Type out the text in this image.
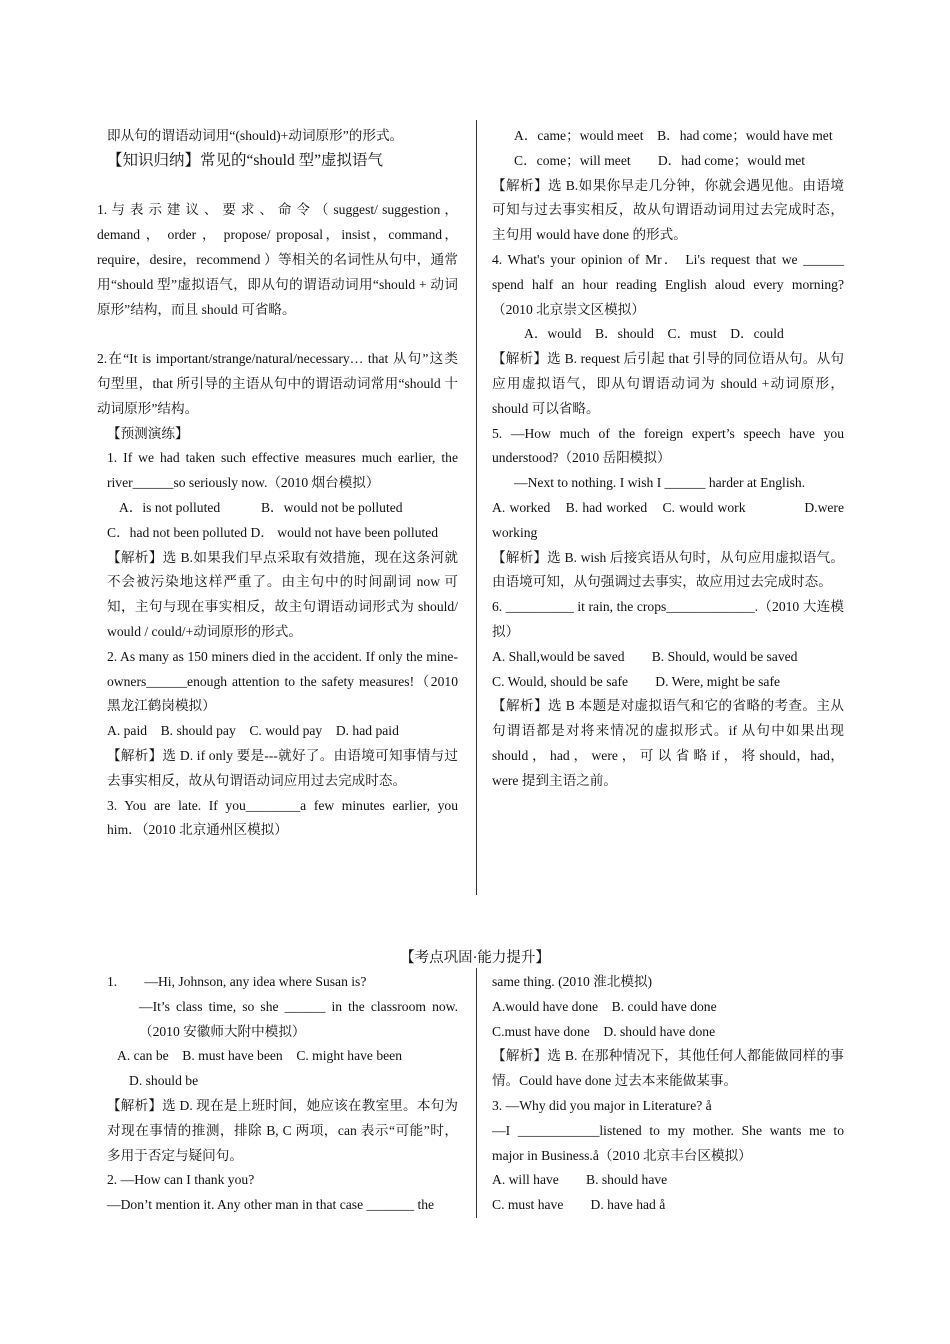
即从句的谓语动词用“(should)+动词原形”的形式。

【知识归纳】常见的“should 型”虚拟语气

1. 与 表 示 建 议 、 要 求 、 命 令 （ suggest/ suggestion ， demand ， order ， propose/ proposal，insist，command，require，desire，recommend ）等相关的名词性从句中，通常用“should 型”虚拟语气，即从句的谓语动词用“should + 动词原形”结构，而且 should 可省略。

2.在“It is important/strange/natural/necessary… that 从句”这类句型里，that 所引导的主语从句中的谓语动词常用“should 十动词原形”结构。

【预测演练】

1. If we had taken such effective measures much earlier, the river______so seriously now.（2010 烟台模拟）

A．is not polluted　　　B．would not be polluted

C．had not been polluted D． would not have been polluted

【解析】选 B.如果我们早点采取有效措施，现在这条河就不会被污染地这样严重了。由主句中的时间副词 now 可知，主句与现在事实相反，故主句谓语动词形式为 should/ would / could/+动词原形的形式。

2. As many as 150 miners died in the accident. If only the mine-owners______enough attention to the safety measures!（2010 黑龙江鹤岗模拟）

A. paid　B. should pay　C. would pay　D. had paid

【解析】选 D. if only 要是---就好了。由语境可知事情与过去事实相反，故从句谓语动词应用过去完成时态。

3. You are late. If you________a few minutes earlier, you him．（2010 北京通州区模拟）

A．came；would meet　B．had come；would have met

C．come；will meet　　D．had come；would met

【解析】选 B.如果你早走几分钟，你就会遇见他。由语境可知与过去事实相反，故从句谓语动词用过去完成时态，主句用 would have done 的形式。

4. What's your opinion of Mr． Li's request that we ______ spend half an hour reading English aloud every morning?（2010 北京崇文区模拟）

A．would　B．should　C．must　D．could

【解析】选 B. request 后引起 that 引导的同位语从句。从句应用虚拟语气，即从句谓语动词为 should +动词原形，should 可以省略。

5. —How much of the foreign expert’s speech have you understood?（2010 岳阳模拟）

—Next to nothing. I wish I ______ harder at English.

A. worked　B. had worked　C. would work　　　　D.were working

【解析】选 B. wish 后接宾语从句时，从句应用虚拟语气。由语境可知，从句强调过去事实，故应用过去完成时态。

6. __________ it rain, the crops_____________.（2010 大连模拟）

A. Shall,would be saved　　B. Should, would be saved

C. Would, should be safe　　D. Were, might be safe

【解析】选 B 本题是对虚拟语气和它的省略的考查。主从句谓语都是对将来情况的虚拟形式。if 从句中如果出现 should ， had ， were ， 可 以 省 略 if ， 将 should，had，were 提到主语之前。

【考点巩固·能力提升】

1.　　—Hi, Johnson, any idea where Susan is?

—It’s class time, so she ______ in the classroom now.（2010 安徽师大附中模拟）

A. can be　B. must have been　C. might have been

D. should be

【解析】选 D. 现在是上班时间，她应该在教室里。本句为对现在事情的推测，排除 B, C 两项，can 表示“可能”时，多用于否定与疑问句。

2. —How can I thank you?

—Don’t mention it. Any other man in that case _______ the

same thing. (2010 淮北模拟)

A.would have done　B. could have done

C.must have done　D. should have done

【解析】选 B. 在那种情况下，其他任何人都能做同样的事情。Could have done 过去本来能做某事。

3. —Why did you major in Literature? å

—I ____________listened to my mother. She wants me to major in Business.å（2010 北京丰台区模拟）

A. will have　　B. should have

C. must have　　D. have had å
